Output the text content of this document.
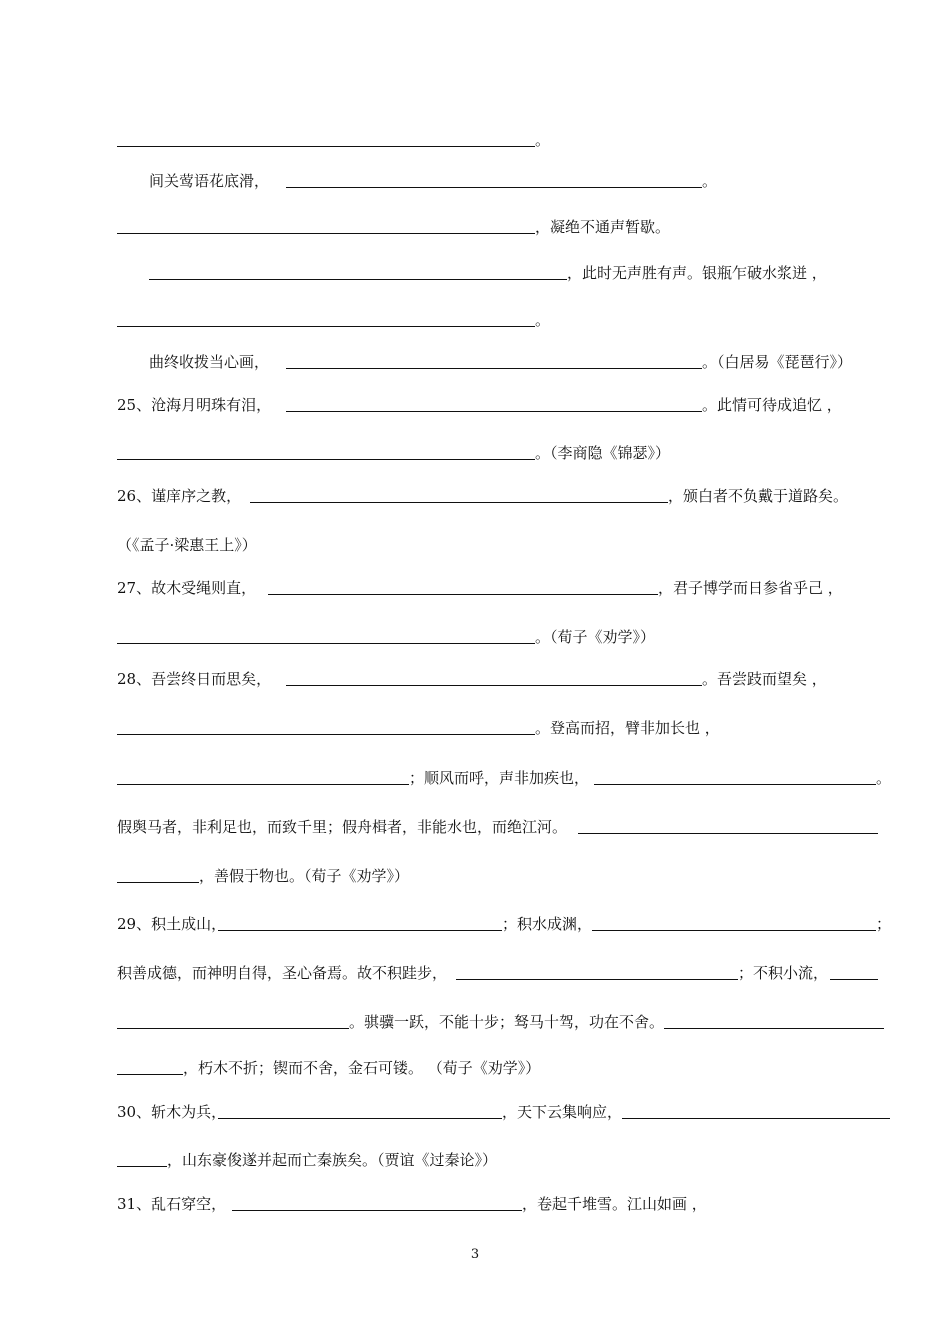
。
间关莺语花底滑，	。
，凝绝不通声暂歇。
，此时无声胜有声。银瓶乍破水浆迸 ，
。
曲终收拨当心画，	。（白居易《琵琶行》）
25、沧海月明珠有泪，	。此情可待成追忆 ，
。（李商隐《锦瑟》）
26、谨庠序之教，	，颁白者不负戴于道路矣。
（《孟子·梁惠王上》）
27、故木受绳则直，	，君子博学而日参省乎己 ，
。（荀子《劝学》）
28、吾尝终日而思矣，	。吾尝跂而望矣 ，
。登高而招，臂非加长也 ，
；顺风而呼，声非加疾也，	。
假舆马者，非利足也，而致千里；假舟楫者，非能水也，而绝江河。
，善假于物也。（荀子《劝学》）
29、积土成山，	；积水成渊，	；
积善成德，而神明自得，圣心备焉。故不积跬步，	；不积小流，
。骐骥一跃，不能十步；驽马十驾，功在不舍。
，朽木不折；锲而不舍，金石可镂。 （荀子《劝学》）
30、斩木为兵，	，天下云集响应，
，山东豪俊遂并起而亡秦族矣。（贾谊《过秦论》）
31、乱石穿空，	，卷起千堆雪。江山如画 ，
3
